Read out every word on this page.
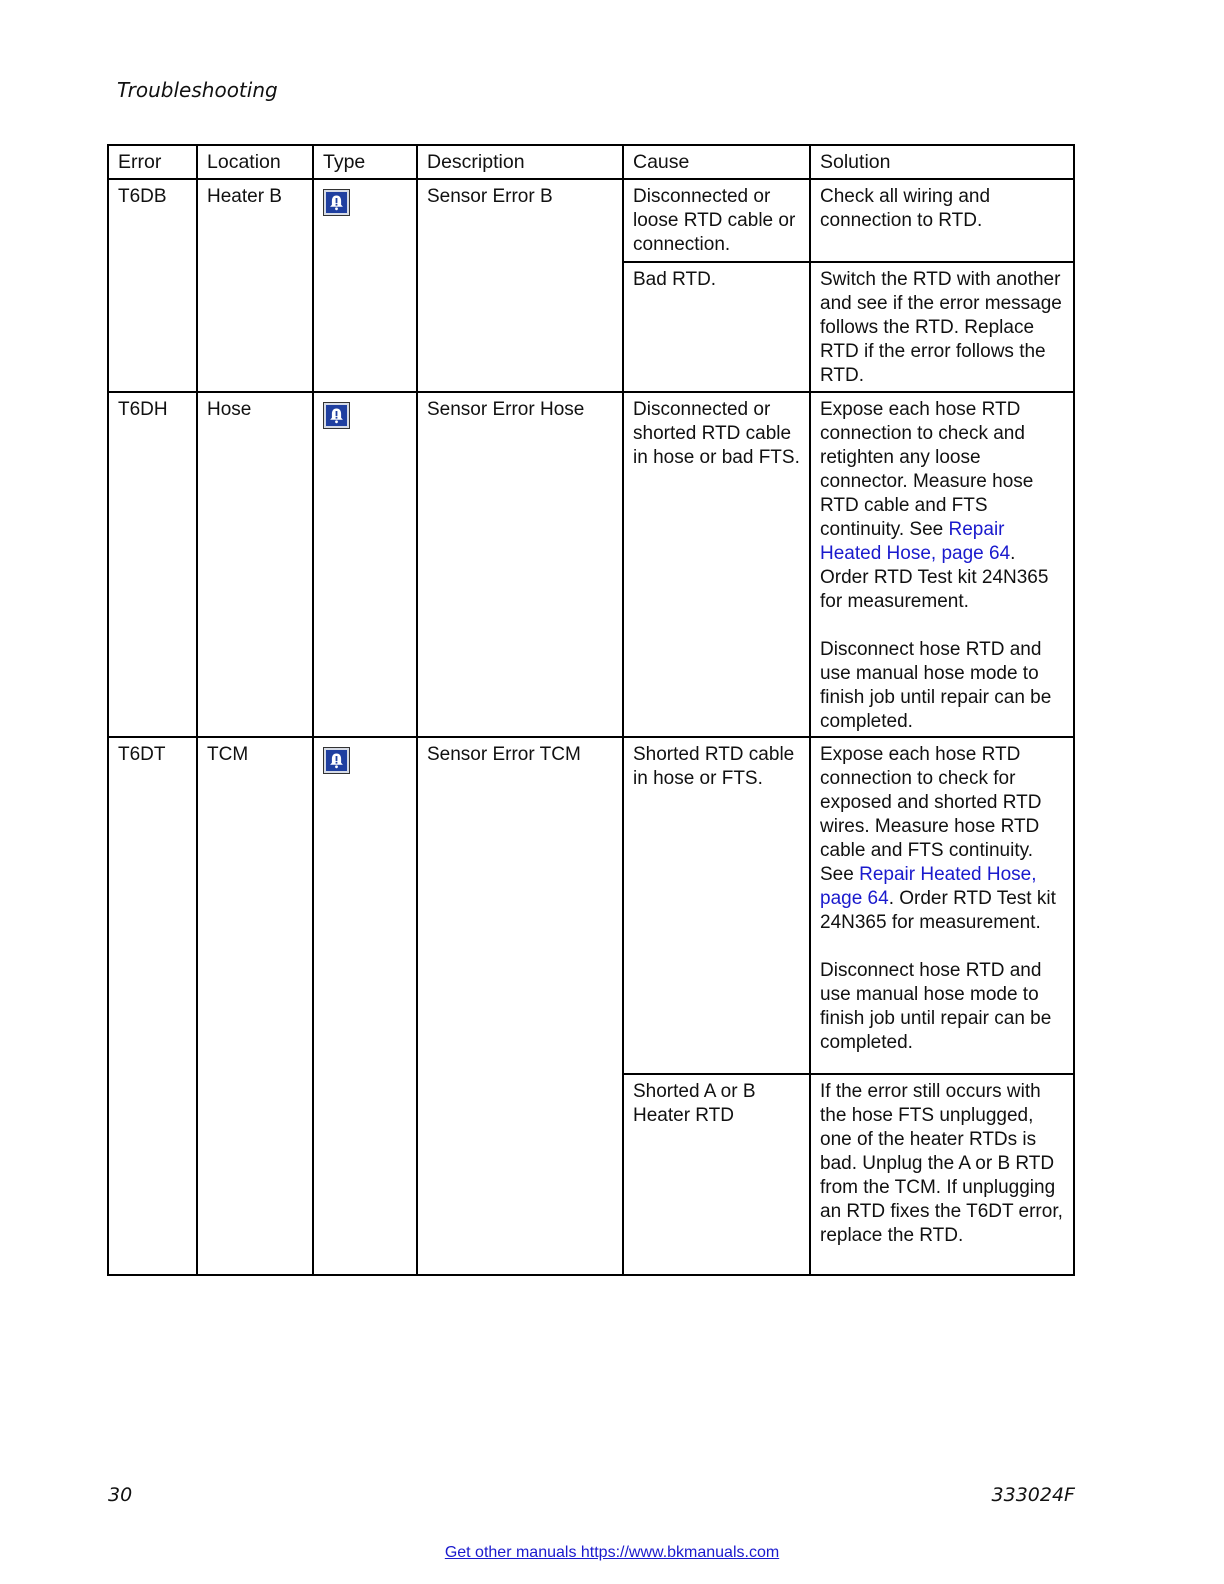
Troubleshooting
Error	Location	Type	Description	Cause	Solution
T6DB	Heater B		Sensor Error B	Disconnected or loose RTD cable or connection.	Check all wiring and connection to RTD.
				Bad RTD.	Switch the RTD with another and see if the error message follows the RTD. Replace RTD if the error follows the RTD.
T6DH	Hose		Sensor Error Hose	Disconnected or shorted RTD cable in hose or bad FTS.	Expose each hose RTD connection to check and retighten any loose connector. Measure hose RTD cable and FTS continuity. See Repair Heated Hose, page 64. Order RTD Test kit 24N365 for measurement.
Disconnect hose RTD and use manual hose mode to finish job until repair can be completed.

T6DT	TCM		Sensor Error TCM	Shorted RTD cable in hose or FTS.	Expose each hose RTD connection to check for exposed and shorted RTD wires. Measure hose RTD cable and FTS continuity. See Repair Heated Hose, page 64. Order RTD Test kit 24N365 for measurement.
Disconnect hose RTD and use manual hose mode to finish job until repair can be completed.

				Shorted A or B Heater RTD	If the error still occurs with the hose FTS unplugged, one of the heater RTDs is bad. Unplug the A or B RTD from the TCM. If unplugging an RTD fixes the T6DT error, replace the RTD.
30	333024F
Get other manuals https://www.bkmanuals.com
